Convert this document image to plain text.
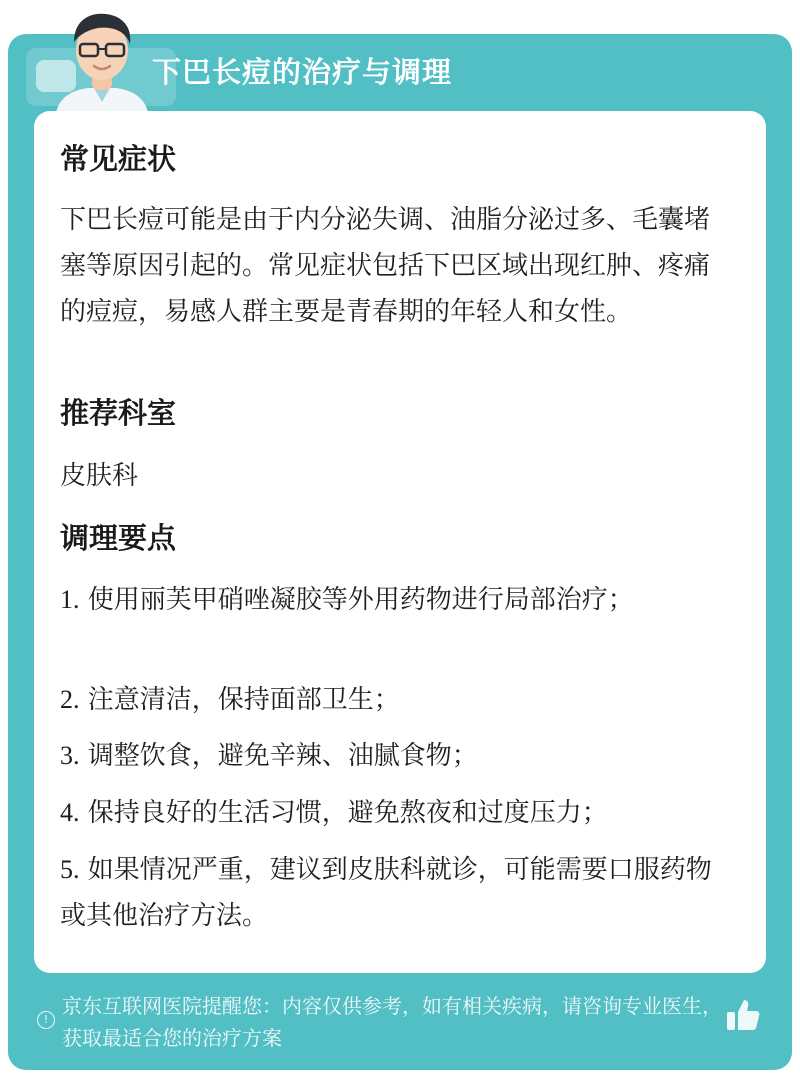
下巴长痘的治疗与调理
常见症状
下巴长痘可能是由于内分泌失调、油脂分泌过多、毛囊堵塞等原因引起的。常见症状包括下巴区域出现红肿、疼痛的痘痘，易感人群主要是青春期的年轻人和女性。
推荐科室
皮肤科
调理要点
1. 使用丽芙甲硝唑凝胶等外用药物进行局部治疗；
2. 注意清洁，保持面部卫生；
3. 调整饮食，避免辛辣、油腻食物；
4. 保持良好的生活习惯，避免熬夜和过度压力；
5. 如果情况严重，建议到皮肤科就诊，可能需要口服药物或其他治疗方法。
!
京东互联网医院提醒您：内容仅供参考，如有相关疾病，请咨询专业医生，获取最适合您的治疗方案
